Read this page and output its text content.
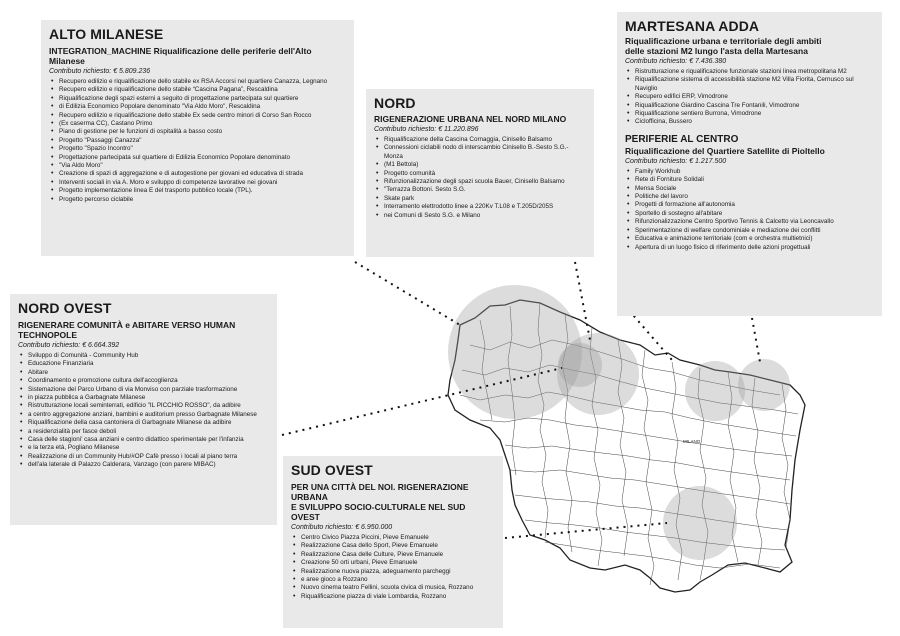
MILANO
ALTO MILANESE
INTEGRATION_MACHINE Riqualificazione delle periferie dell'Alto Milanese
Contributo richiesto: € 5.809.236
• Recupero edilizio e riqualificazione dello stabile ex RSA Accorsi nel quartiere Canazza, Legnano
• Recupero edilizio e riqualificazione dello stabile “Cascina Pagana”, Rescaldina
• Riqualificazione degli spazi esterni a seguito di progettazione partecipata sul quartiere
• di Edilizia Economico Popolare denominato "Via Aldo Moro", Rescaldina
• Recupero edilizio e riqualificazione dello stabile Ex sede centro minori di Corso San Rocco
• (Ex caserma CC), Castano Primo
• Piano di gestione per le funzioni di ospitalità a basso costo
• Progetto "Passaggi Canazza"
• Progetto "Spazio Incontro"
• Progettazione partecipata sul quartiere di Edilizia Economico Popolare denominato
• "Via Aldo Moro"
• Creazione di spazi di aggregazione e di autogestione per giovani ed educativa di strada
• Interventi sociali in via A. Moro e sviluppo di competenze lavorative nei giovani
• Progetto implementazione linea E del trasporto pubblico locale (TPL).
• Progetto percorso ciclabile
NORD
RIGENERAZIONE URBANA NEL NORD MILANO
Contributo richiesto: € 11.220.896
• Riqualificazione della Cascina Cornaggia, Cinisello Balsamo
• Connessioni ciclabili nodo di interscambio Cinisello B.-Sesto S.G.-Monza
• (M1 Bettola)
• Progetto comunità
• Rifunzionalizzazione degli spazi scuola Bauer, Cinisello Balsamo
• "Terrazza Bottoni. Sesto S.G.
• Skate park
• Interramento elettrodotto linee a 220Kv T.L08 e T.205D/205S
• nei Comuni di Sesto S.G. e Milano
MARTESANA ADDA
Riqualificazione urbana e territoriale degli ambiti
delle stazioni M2 lungo l'asta della Martesana
Contributo richiesto: € 7.436.380
• Ristrutturazione e riqualificazione funzionale stazioni linea metropolitana M2
• Riqualificazione sistema di accessibilità stazione M2 Villa Fiorita, Cernusco sul Naviglio
• Recupero edifici ERP, Vimodrone
• Riqualificazione Giardino Cascina Tre Fontanili, Vimodrone
• Riqualificazione sentiero Burrona, Vimodrone
• Ciclofficina, Bussero
PERIFERIE AL CENTRO
Riqualificazione del Quartiere Satellite di Pioltello
Contributo richiesto: € 1.217.500
• Family Workhub
• Rete di Forniture Solidali
• Mensa Sociale
• Politiche del lavoro
• Progetti di formazione all'autonomia
• Sportello di sostegno all'abitare
• Rifunzionalizzazione Centro Sportivo Tennis & Calcetto via Leoncavallo
• Sperimentazione di welfare condominiale e mediazione dei conflitti
• Educativa e animazione territoriale (com e orchestra multietnici)
• Apertura di un luogo fisico di riferimento delle azioni progettuali
NORD OVEST
RIGENERARE COMUNITÀ e ABITARE VERSO HUMAN TECHNOPOLE
Contributo richiesto: € 6.664.392
• Sviluppo di Comunità - Community Hub
• Educazione Finanziaria
• Abitare
• Coordinamento e promozione cultura dell'accoglienza
• Sistemazione del Parco Urbano di via Monviso con parziale trasformazione
• in piazza pubblica a Garbagnate Milanese
• Ristrutturazione locali seminterrati, edificio "IL PICCHIO ROSSO", da adibire
• a centro aggregazione anziani, bambini e auditorium presso Garbagnate Milanese
• Riqualificazione della casa cantoniera di Garbagnate Milanese da adibire
• a residenzialità per fasce deboli
• Casa delle stagioni' casa anziani e centro didattico sperimentale per l'infanzia
• e la terza età, Pogliano Milanese
• Realizzazione di un Community Hub/#OP Cafè presso i locali al piano terra
• dell'ala laterale di Palazzo Calderara, Vanzago (con parere MIBAC)	SUD OVEST
PER UNA CITTÀ DEL NOI. RIGENERAZIONE URBANA
E SVILUPPO SOCIO-CULTURALE NEL SUD OVEST
Contributo richiesto: € 6.950.000
• Centro Civico Piazza Piccini, Pieve Emanuele
• Realizzazione Casa dello Sport, Pieve Emanuele
• Realizzazione Casa delle Culture, Pieve Emanuele
• Creazione 50 orti urbani, Pieve Emanuele
• Realizzazione nuova piazza, adeguamento parcheggi
• e aree gioco a Rozzano
• Nuovo cinema teatro Fellini, scuola civica di musica, Rozzano
• Riqualificazione piazza di viale Lombardia, Rozzano
